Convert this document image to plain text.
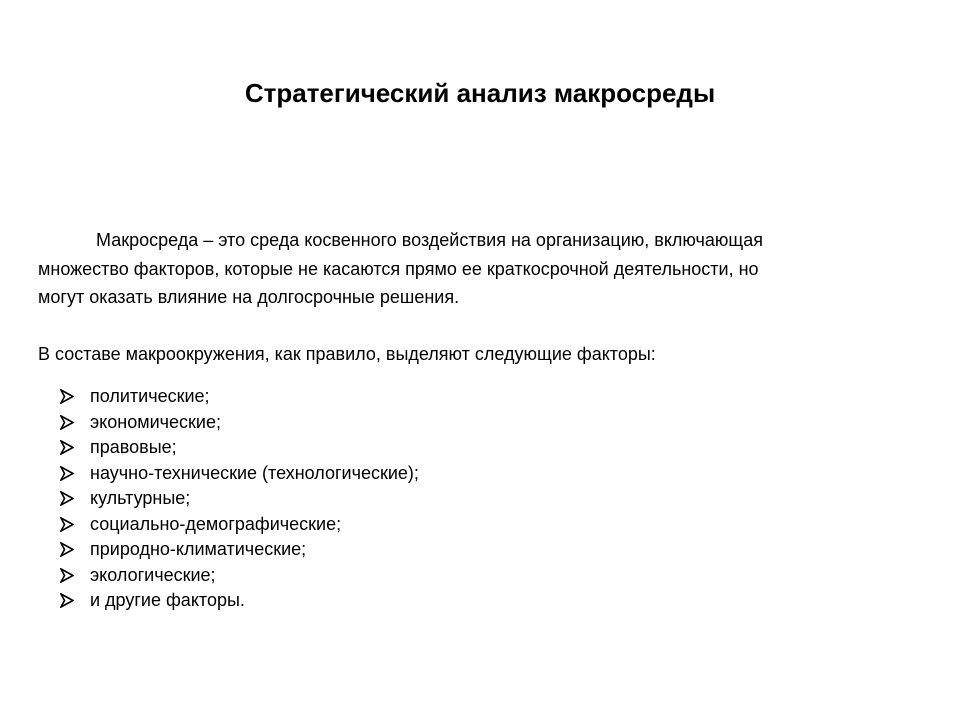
Стратегический анализ макросреды

Макросреда – это среда косвенного воздействия на организацию, включающая
множество факторов, которые не касаются прямо ее краткосрочной деятельности, но
могут оказать влияние на долгосрочные решения.

В составе макроокружения, как правило, выделяют следующие факторы:

политические;
экономические;
правовые;
научно-технические (технологические);
культурные;
социально-демографические;
природно-климатические;
экологические;
и другие факторы.
